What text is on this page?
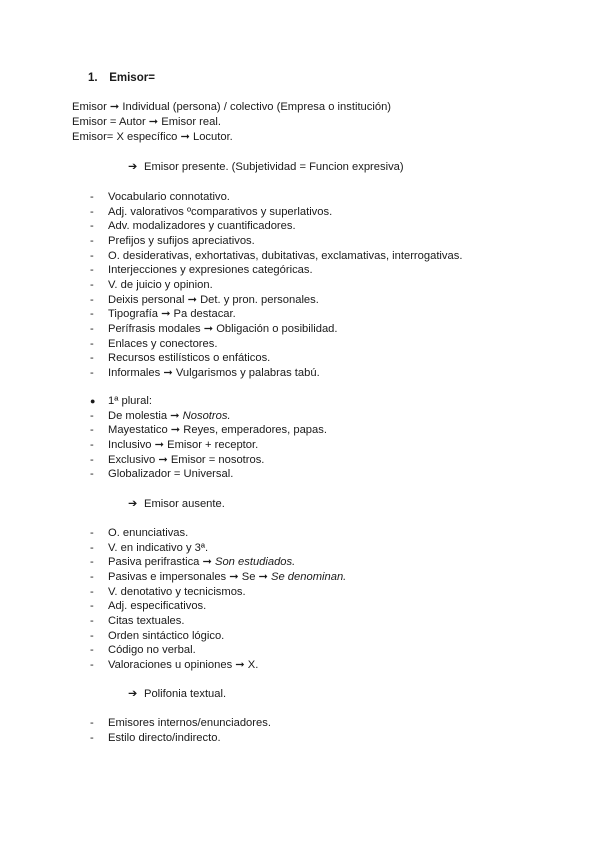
1. Emisor=
Emisor ➞ Individual (persona) / colectivo (Empresa o institución)
Emisor = Autor ➞ Emisor real.
Emisor= X específico ➞ Locutor.
➔ Emisor presente. (Subjetividad = Funcion expresiva)
-	Vocabulario connotativo.
-	Adj. valorativos ºcomparativos y superlativos.
-	Adv. modalizadores y cuantificadores.
-	Prefijos y sufijos apreciativos.
-	O. desiderativas, exhortativas, dubitativas, exclamativas, interrogativas.
-	Interjecciones y expresiones categóricas.
-	V. de juicio y opinion.
-	Deixis personal ➞ Det. y pron. personales.
-	Tipografía ➞ Pa destacar.
-	Perífrasis modales ➞ Obligación o posibilidad.
-	Enlaces y conectores.
-	Recursos estilísticos o enfáticos.
-	Informales ➞ Vulgarismos y palabras tabú.
●	1ª plural:
-	De molestia ➞ Nosotros.
-	Mayestatico ➞ Reyes, emperadores, papas.
-	Inclusivo ➞ Emisor + receptor.
-	Exclusivo ➞ Emisor = nosotros.
-	Globalizador = Universal.
➔ Emisor ausente.
-	O. enunciativas.
-	V. en indicativo y 3ª.
-	Pasiva perifrastica ➞ Son estudiados.
-	Pasivas e impersonales ➞ Se ➞ Se denominan.
-	V. denotativo y tecnicismos.
-	Adj. especificativos.
-	Citas textuales.
-	Orden sintáctico lógico.
-	Código no verbal.
-	Valoraciones u opiniones ➞ X.
➔ Polifonia textual.
-	Emisores internos/enunciadores.
-	Estilo directo/indirecto.
